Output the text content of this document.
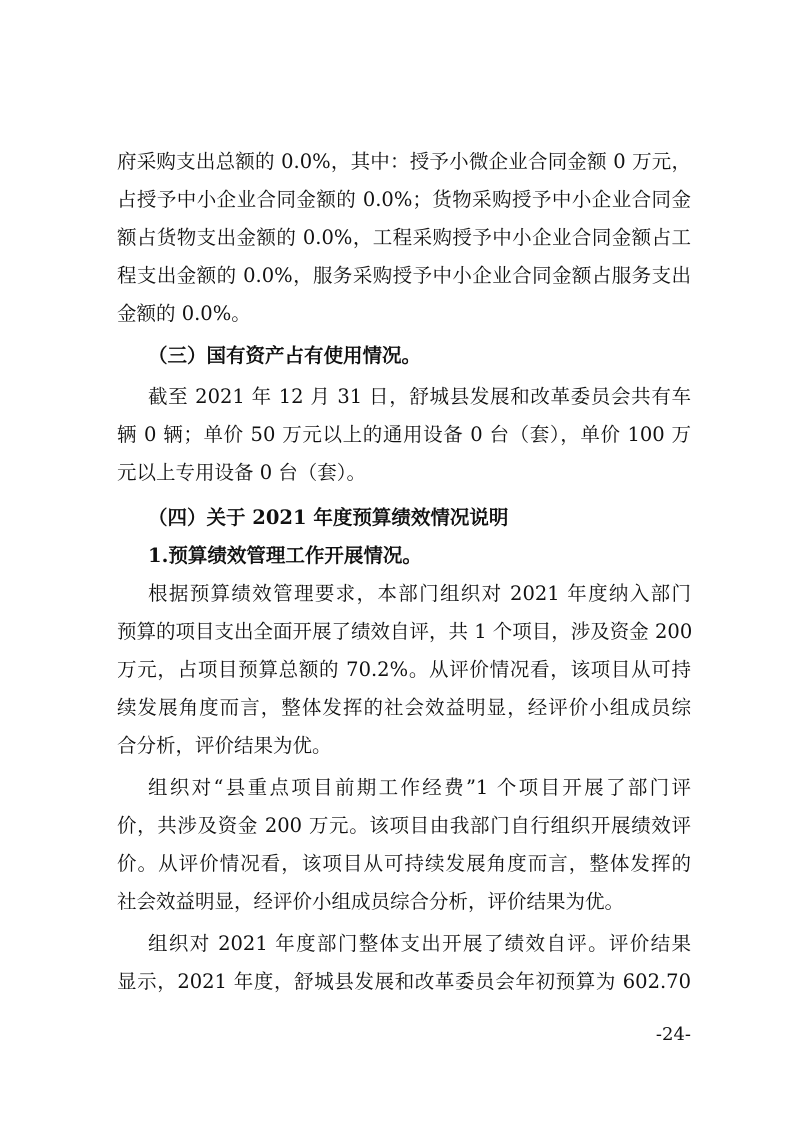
府采购支出总额的 0.0%，其中：授予小微企业合同金额 0 万元，
占授予中小企业合同金额的 0.0%；货物采购授予中小企业合同金
额占货物支出金额的 0.0%，工程采购授予中小企业合同金额占工
程支出金额的 0.0%，服务采购授予中小企业合同金额占服务支出
金额的 0.0%。
（三）国有资产占有使用情况。
截至 2021 年 12 月 31 日，舒城县发展和改革委员会共有车
辆 0 辆；单价 50 万元以上的通用设备 0 台（套），单价 100 万
元以上专用设备 0 台（套）。
（四）关于 2021 年度预算绩效情况说明
1.预算绩效管理工作开展情况。
根据预算绩效管理要求，本部门组织对 2021 年度纳入部门
预算的项目支出全面开展了绩效自评，共 1 个项目，涉及资金 200
万元，占项目预算总额的 70.2%。从评价情况看，该项目从可持
续发展角度而言，整体发挥的社会效益明显，经评价小组成员综
合分析，评价结果为优。
组织对“县重点项目前期工作经费”1 个项目开展了部门评
价，共涉及资金 200 万元。该项目由我部门自行组织开展绩效评
价。从评价情况看，该项目从可持续发展角度而言，整体发挥的
社会效益明显，经评价小组成员综合分析，评价结果为优。
组织对 2021 年度部门整体支出开展了绩效自评。评价结果
显示，2021 年度，舒城县发展和改革委员会年初预算为 602.70
-24-
